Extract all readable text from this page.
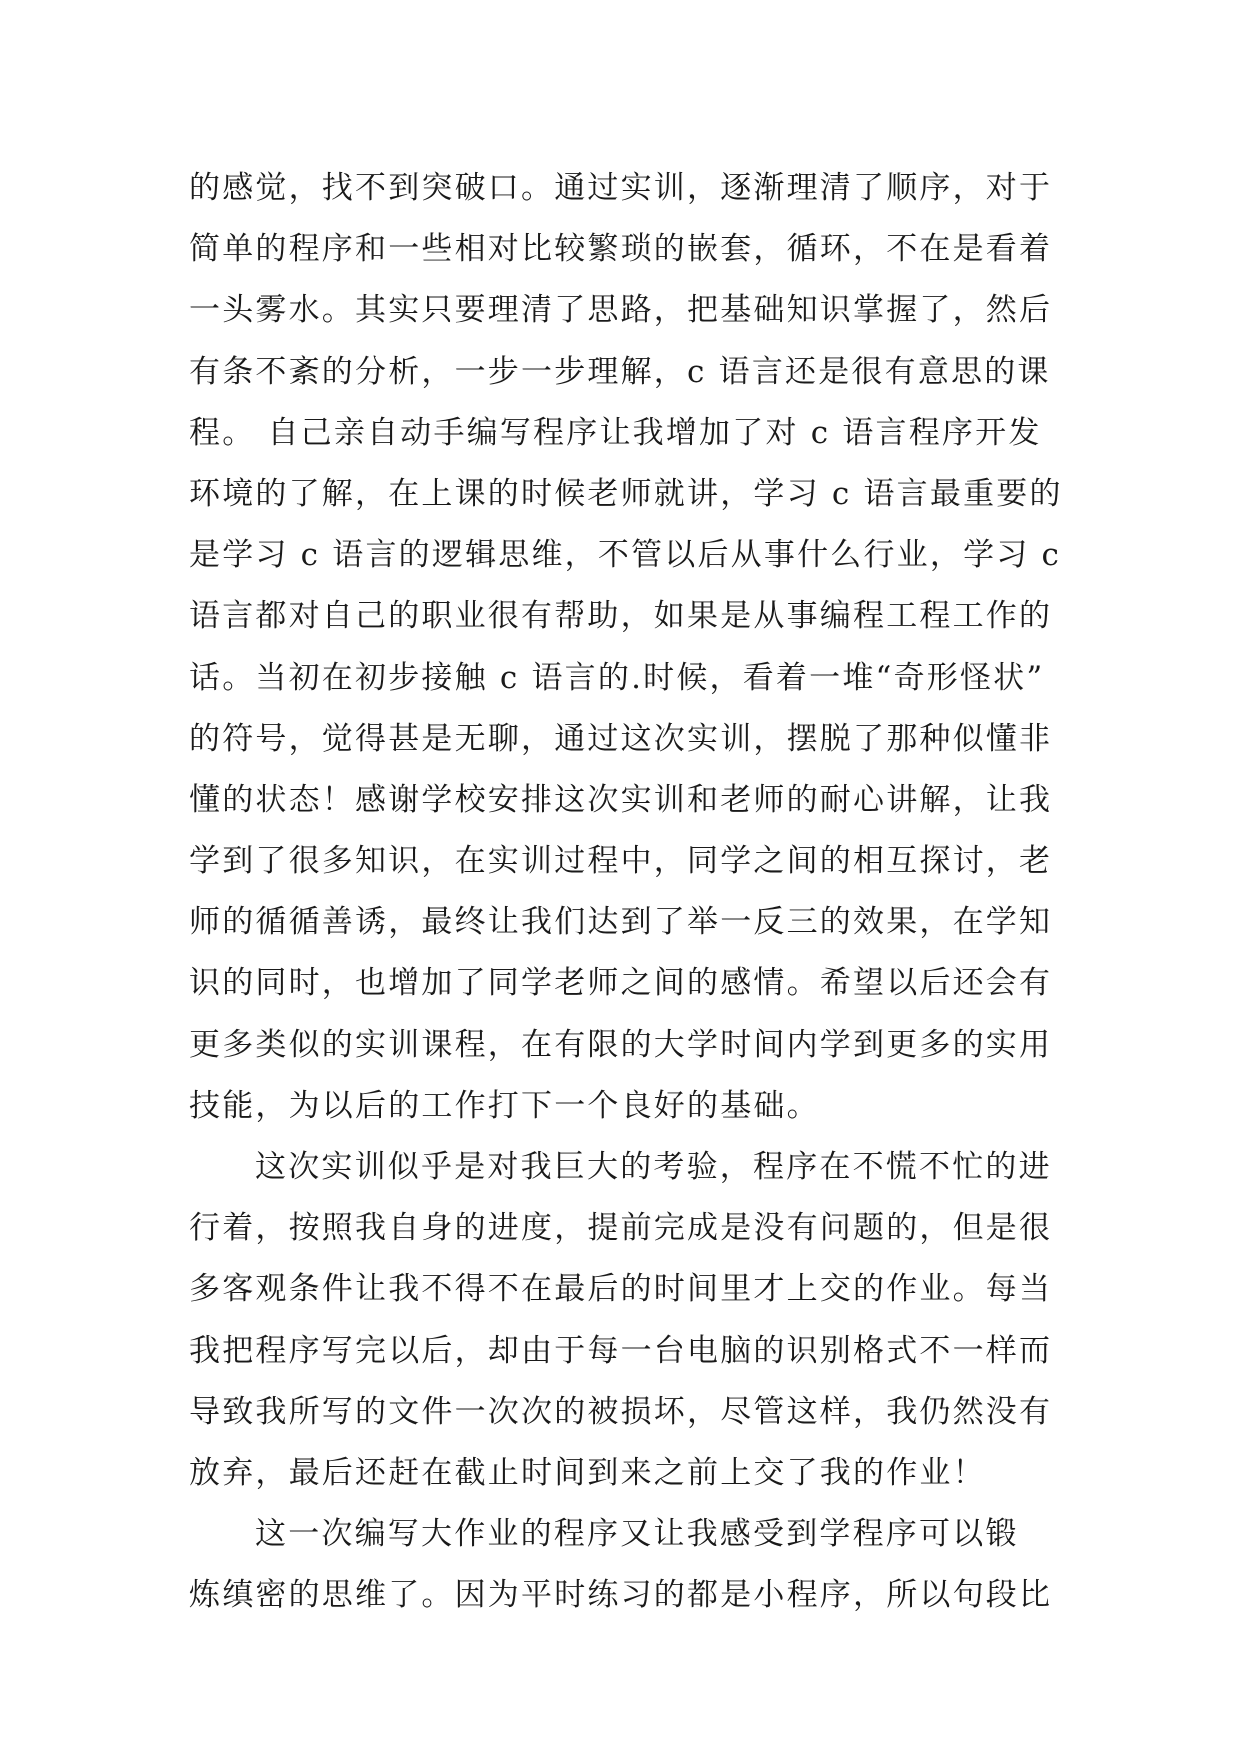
的感觉，找不到突破口。通过实训，逐渐理清了顺序，对于
简单的程序和一些相对比较繁琐的嵌套，循环，不在是看着
一头雾水。其实只要理清了思路，把基础知识掌握了，然后
有条不紊的分析，一步一步理解，c 语言还是很有意思的课
程。 自己亲自动手编写程序让我增加了对 c 语言程序开发
环境的了解，在上课的时候老师就讲，学习 c 语言最重要的
是学习 c 语言的逻辑思维，不管以后从事什么行业，学习 c
语言都对自己的职业很有帮助，如果是从事编程工程工作的
话。当初在初步接触 c 语言的.时候，看着一堆“奇形怪状”
的符号，觉得甚是无聊，通过这次实训，摆脱了那种似懂非
懂的状态！感谢学校安排这次实训和老师的耐心讲解，让我
学到了很多知识，在实训过程中，同学之间的相互探讨，老
师的循循善诱，最终让我们达到了举一反三的效果，在学知
识的同时，也增加了同学老师之间的感情。希望以后还会有
更多类似的实训课程，在有限的大学时间内学到更多的实用
技能，为以后的工作打下一个良好的基础。
这次实训似乎是对我巨大的考验，程序在不慌不忙的进
行着，按照我自身的进度，提前完成是没有问题的，但是很
多客观条件让我不得不在最后的时间里才上交的作业。每当
我把程序写完以后，却由于每一台电脑的识别格式不一样而
导致我所写的文件一次次的被损坏，尽管这样，我仍然没有
放弃，最后还赶在截止时间到来之前上交了我的作业！
这一次编写大作业的程序又让我感受到学程序可以锻
炼缜密的思维了。因为平时练习的都是小程序，所以句段比
